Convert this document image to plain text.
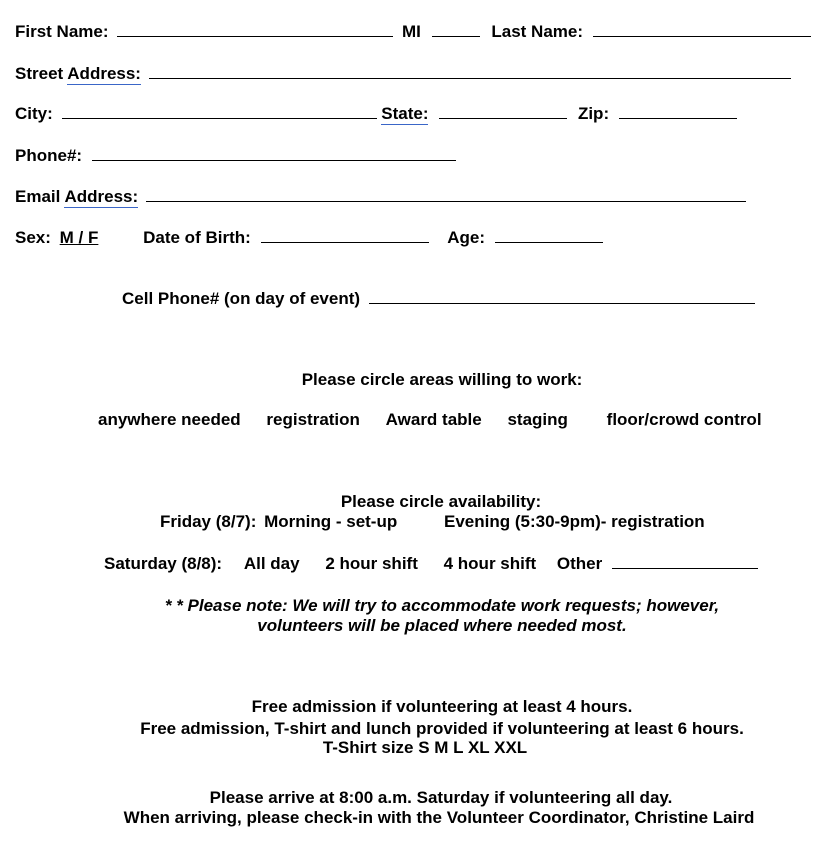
First Name:	MI	Last Name:
Street Address:
City:	State:	Zip:
Phone#:
Email Address:
Sex: M / F	Date of Birth:	Age:
Cell Phone# (on day of event)
Please circle areas willing to work:
anywhere needed registration Award table staging floor/crowd control
Please circle availability:
Friday (8/7): Morning - set-up	Evening (5:30-9pm)- registration
Saturday (8/8): All day 2 hour shift 4 hour shift Other
* * Please note: We will try to accommodate work requests; however,
volunteers will be placed where needed most.
Free admission if volunteering at least 4 hours.
Free admission, T-shirt and lunch provided if volunteering at least 6 hours.
T-Shirt size S M L XL XXL
Please arrive at 8:00 a.m. Saturday if volunteering all day.
When arriving, please check-in with the Volunteer Coordinator, Christine Laird
